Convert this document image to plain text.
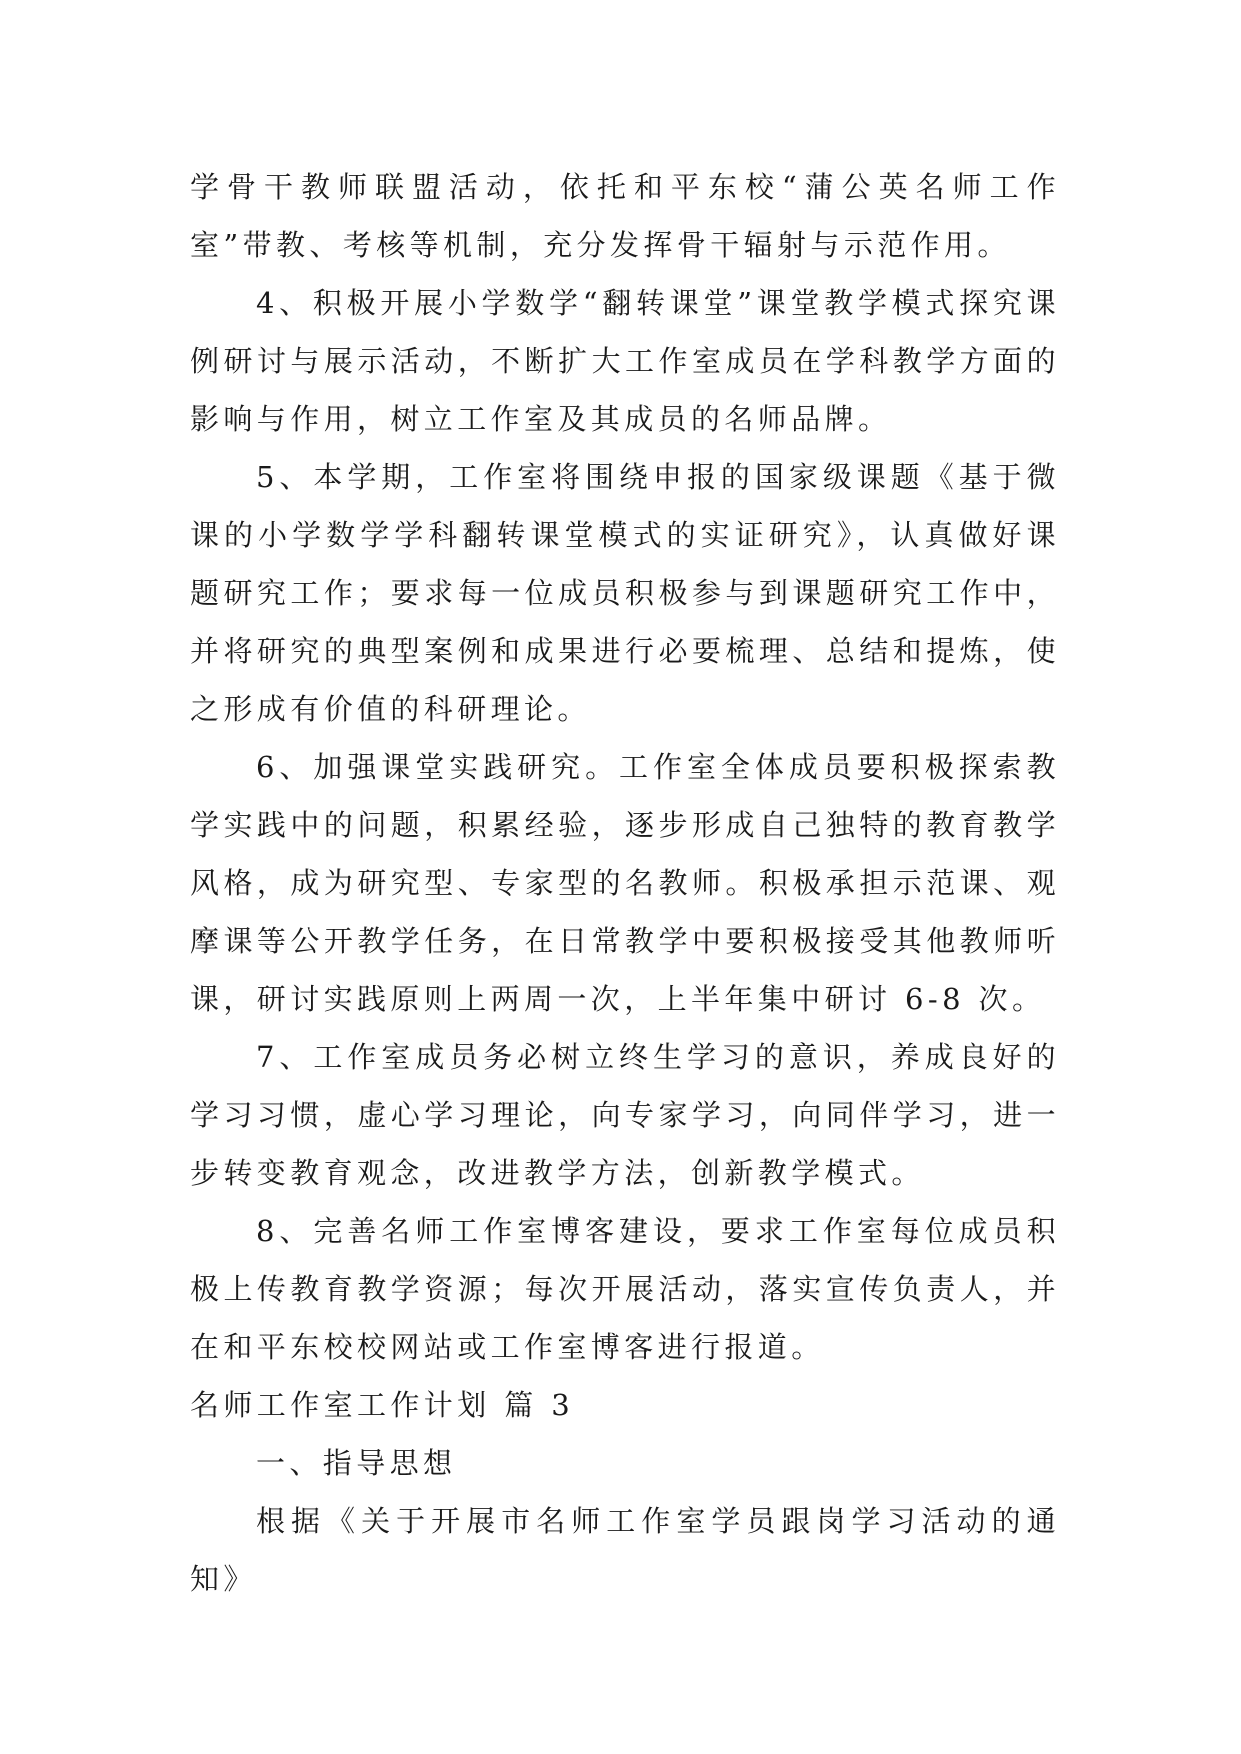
学骨干教师联盟活动，依托和平东校“蒲公英名师工作室”带教、考核等机制，充分发挥骨干辐射与示范作用。

4、积极开展小学数学“翻转课堂”课堂教学模式探究课例研讨与展示活动，不断扩大工作室成员在学科教学方面的影响与作用，树立工作室及其成员的名师品牌。

5、本学期，工作室将围绕申报的国家级课题《基于微课的小学数学学科翻转课堂模式的实证研究》，认真做好课题研究工作；要求每一位成员积极参与到课题研究工作中，并将研究的典型案例和成果进行必要梳理、总结和提炼，使之形成有价值的科研理论。

6、加强课堂实践研究。工作室全体成员要积极探索教学实践中的问题，积累经验，逐步形成自己独特的教育教学风格，成为研究型、专家型的名教师。积极承担示范课、观摩课等公开教学任务，在日常教学中要积极接受其他教师听课，研讨实践原则上两周一次，上半年集中研讨 6-8 次。

7、工作室成员务必树立终生学习的意识，养成良好的学习习惯，虚心学习理论，向专家学习，向同伴学习，进一步转变教育观念，改进教学方法，创新教学模式。

8、完善名师工作室博客建设，要求工作室每位成员积极上传教育教学资源；每次开展活动，落实宣传负责人，并在和平东校校网站或工作室博客进行报道。

名师工作室工作计划 篇 3

一、指导思想

根据《关于开展市名师工作室学员跟岗学习活动的通知》
